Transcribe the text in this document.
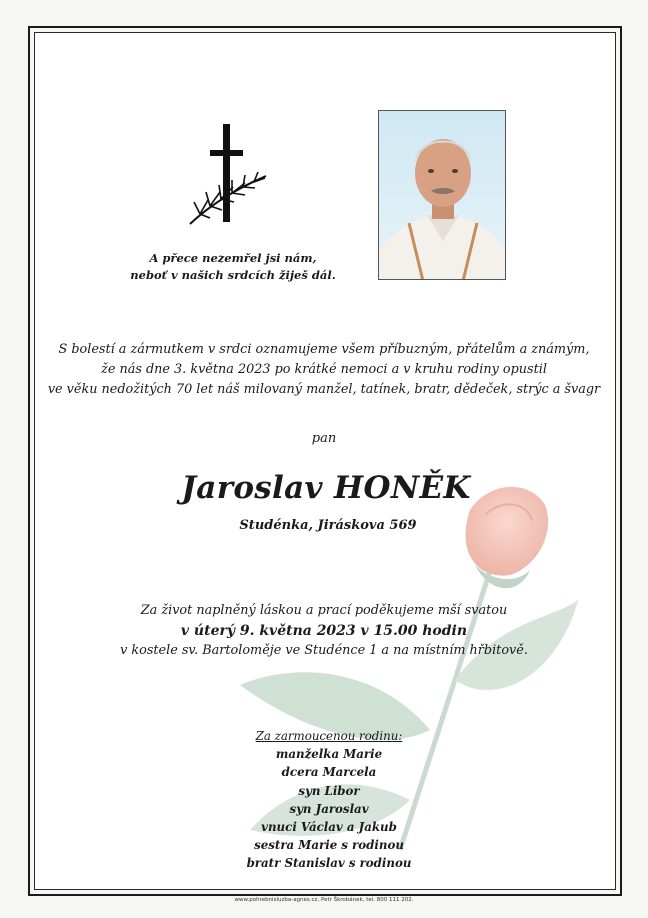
A přece nezemřel jsi nám,
neboť v našich srdcích žiješ dál.
S bolestí a zármutkem v srdci oznamujeme všem příbuzným, přátelům a známým,
že nás dne 3. května 2023 po krátké nemoci a v kruhu rodiny opustil
ve věku nedožitých 70 let náš milovaný manžel, tatínek, bratr, dědeček, strýc a švagr
pan
Jaroslav HONĚK
Studénka, Jiráskova 569
Za život naplněný láskou a prací poděkujeme mší svatou
v úterý 9. května 2023 v 15.00 hodin
v kostele sv. Bartoloměje ve Studénce 1 a na místním hřbitově.
Za zarmoucenou rodinu:
manželka Marie
dcera Marcela
syn Libor
syn Jaroslav
vnuci Václav a Jakub
sestra Marie s rodinou
bratr Stanislav s rodinou
www.pohrebnisluzba-agnes.cz, Petr Škrobánek, tel. 800 111 202.
